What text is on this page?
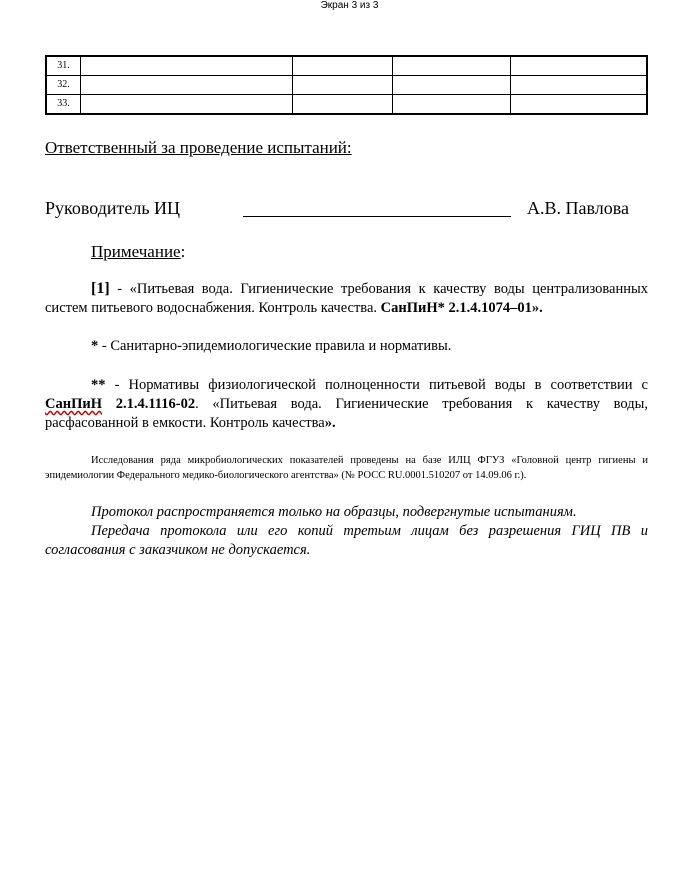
Экран 3 из 3
31.				
32.				
33.				
Ответственный за проведение испытаний:
Руководитель ИЦ	А.В. Павлова
Примечание:
[1] - «Питьевая вода. Гигиенические требования к качеству воды централизованных систем питьевого водоснабжения. Контроль качества. СанПиН* 2.1.4.1074–01».
* - Санитарно-эпидемиологические правила и нормативы.
** - Нормативы физиологической полноценности питьевой воды в соответствии с СанПиН 2.1.4.1116-02. «Питьевая вода. Гигиенические требования к качеству воды, расфасованной в емкости. Контроль качества».
Исследования ряда микробиологических показателей проведены на базе ИЛЦ ФГУЗ «Головной центр гигиены и эпидемиологии Федерального медико-биологического агентства» (№ РОСС RU.0001.510207 от 14.09.06 г.).
Протокол распространяется только на образцы, подвергнутые испытаниям.
Передача протокола или его копий третьим лицам без разрешения ГИЦ ПВ и согласования с заказчиком не допускается.
